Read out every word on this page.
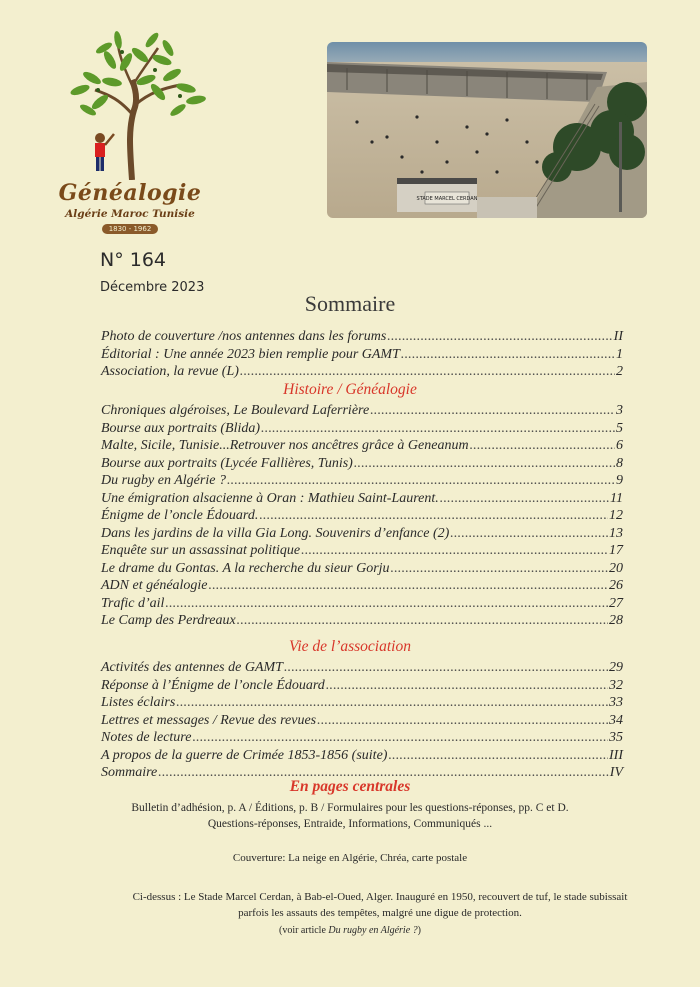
Généalogie
Algérie Maroc Tunisie
1830 - 1962
STADE MARCEL CERDAN
N° 164
Décembre 2023
Sommaire
Photo de couverture /nos antennes dans les forums .....	II
Éditorial : Une année 2023 bien remplie pour GAMT .....	1
Association, la revue (L) .....	2
Histoire / Généalogie
Chroniques algéroises, Le Boulevard Laferrière .....	3
Bourse aux portraits (Blida) .....	5
Malte, Sicile, Tunisie...Retrouver nos ancêtres grâce à Geneanum .....	6
Bourse aux portraits (Lycée Fallières, Tunis) .....	8
Du rugby en Algérie ? .....	9
Une émigration alsacienne à Oran : Mathieu Saint-Laurent. .....	11
Énigme de l’oncle Édouard. .....	12
Dans les jardins de la villa Gia Long. Souvenirs d’enfance (2) .....	13
Enquête sur un assassinat politique .....	17
Le drame du Gontas. A la recherche du sieur Gorju .....	20
ADN et généalogie .....	26
Trafic d’ail .....	27
Le Camp des Perdreaux .....	28
Vie de l’association
Activités des antennes de GAMT .....	29
Réponse à l’Énigme de l’oncle Édouard .....	32
Listes éclairs .....	33
Lettres et messages / Revue des revues .....	34
Notes de lecture .....	35
A propos de la guerre de Crimée 1853-1856 (suite) .....	III
Sommaire .....	IV
En pages centrales
Bulletin d’adhésion, p. A / Éditions, p. B / Formulaires pour les questions-réponses, pp. C et D.
Questions-réponses, Entraide, Informations, Communiqués ...
Couverture: La neige en Algérie, Chréa, carte postale
Ci-dessus : Le Stade Marcel Cerdan, à Bab-el-Oued, Alger. Inauguré en 1950, recouvert de tuf, le stade subissait parfois les assauts des tempêtes, malgré une digue de protection.
(voir article Du rugby en Algérie ?)
